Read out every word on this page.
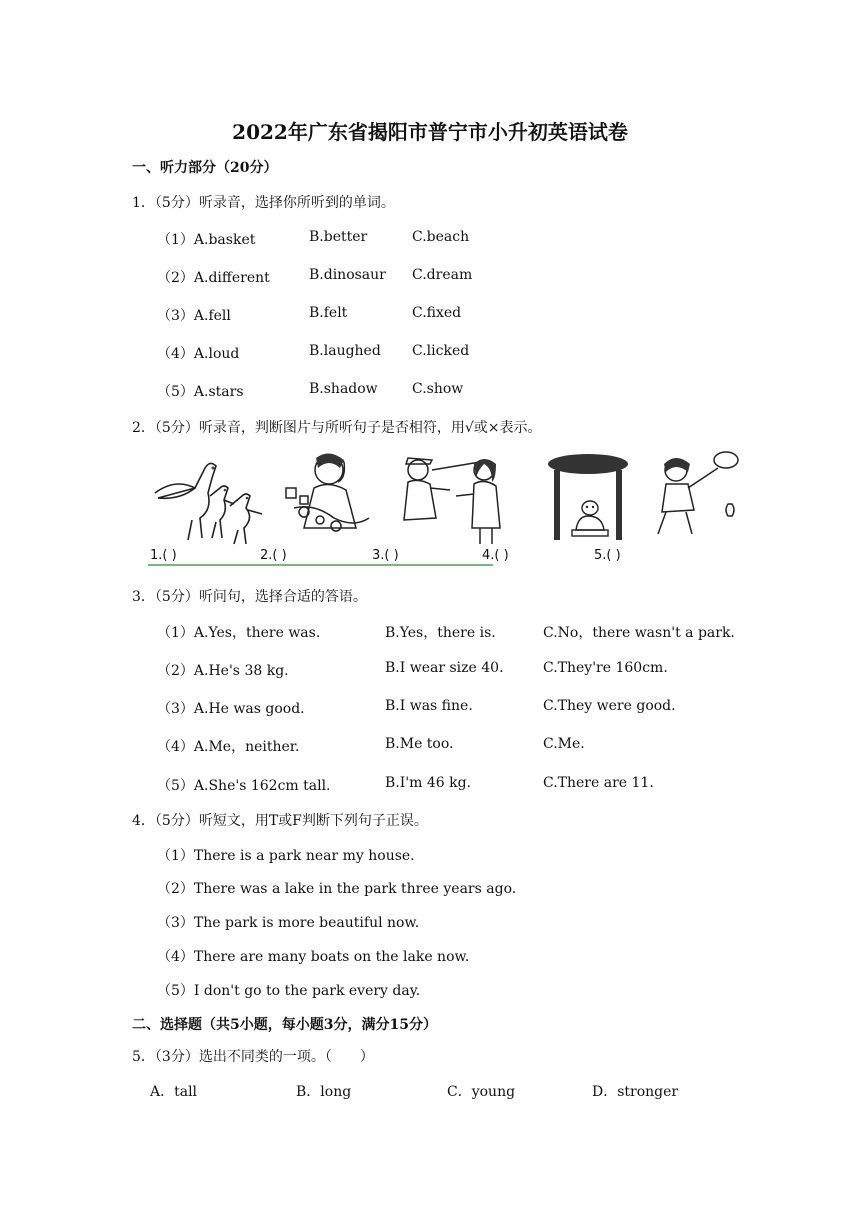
2022年广东省揭阳市普宁市小升初英语试卷
一、听力部分（20分）
1．（5分）听录音，选择你所听到的单词。
（1）A.basket	B.better	C.beach
（2）A.different	B.dinosaur C.dream
（3）A.fell	B.felt	C.fixed
（4）A.loud	B.laughed C.licked
（5）A.stars	B.shadow C.show
2．（5分）听录音，判断图片与所听句子是否相符，用√或×表示。
1.( )	2.( )	3.( )	4.( )	5.( )
3．（5分）听问句，选择合适的答语。
（1）A.Yes，there was.	B.Yes，there is.	C.No，there wasn't a park.
（2）A.He's 38 kg.	B.I wear size 40.	C.They're 160cm.
（3）A.He was good.	B.I was fine.	C.They were good.
（4）A.Me，neither.	B.Me too.	C.Me.
（5）A.She's 162cm tall.	B.I'm 46 kg.	C.There are 11.
4．（5分）听短文，用T或F判断下列句子正误。
（1）There is a park near my house.
（2）There was a lake in the park three years ago.
（3）The park is more beautiful now.
（4）There are many boats on the lake now.
（5）I don't go to the park every day.
二、选择题（共5小题，每小题3分，满分15分）
5．（3分）选出不同类的一项。（　　）
A．tall	B．long	C．young	D．stronger
